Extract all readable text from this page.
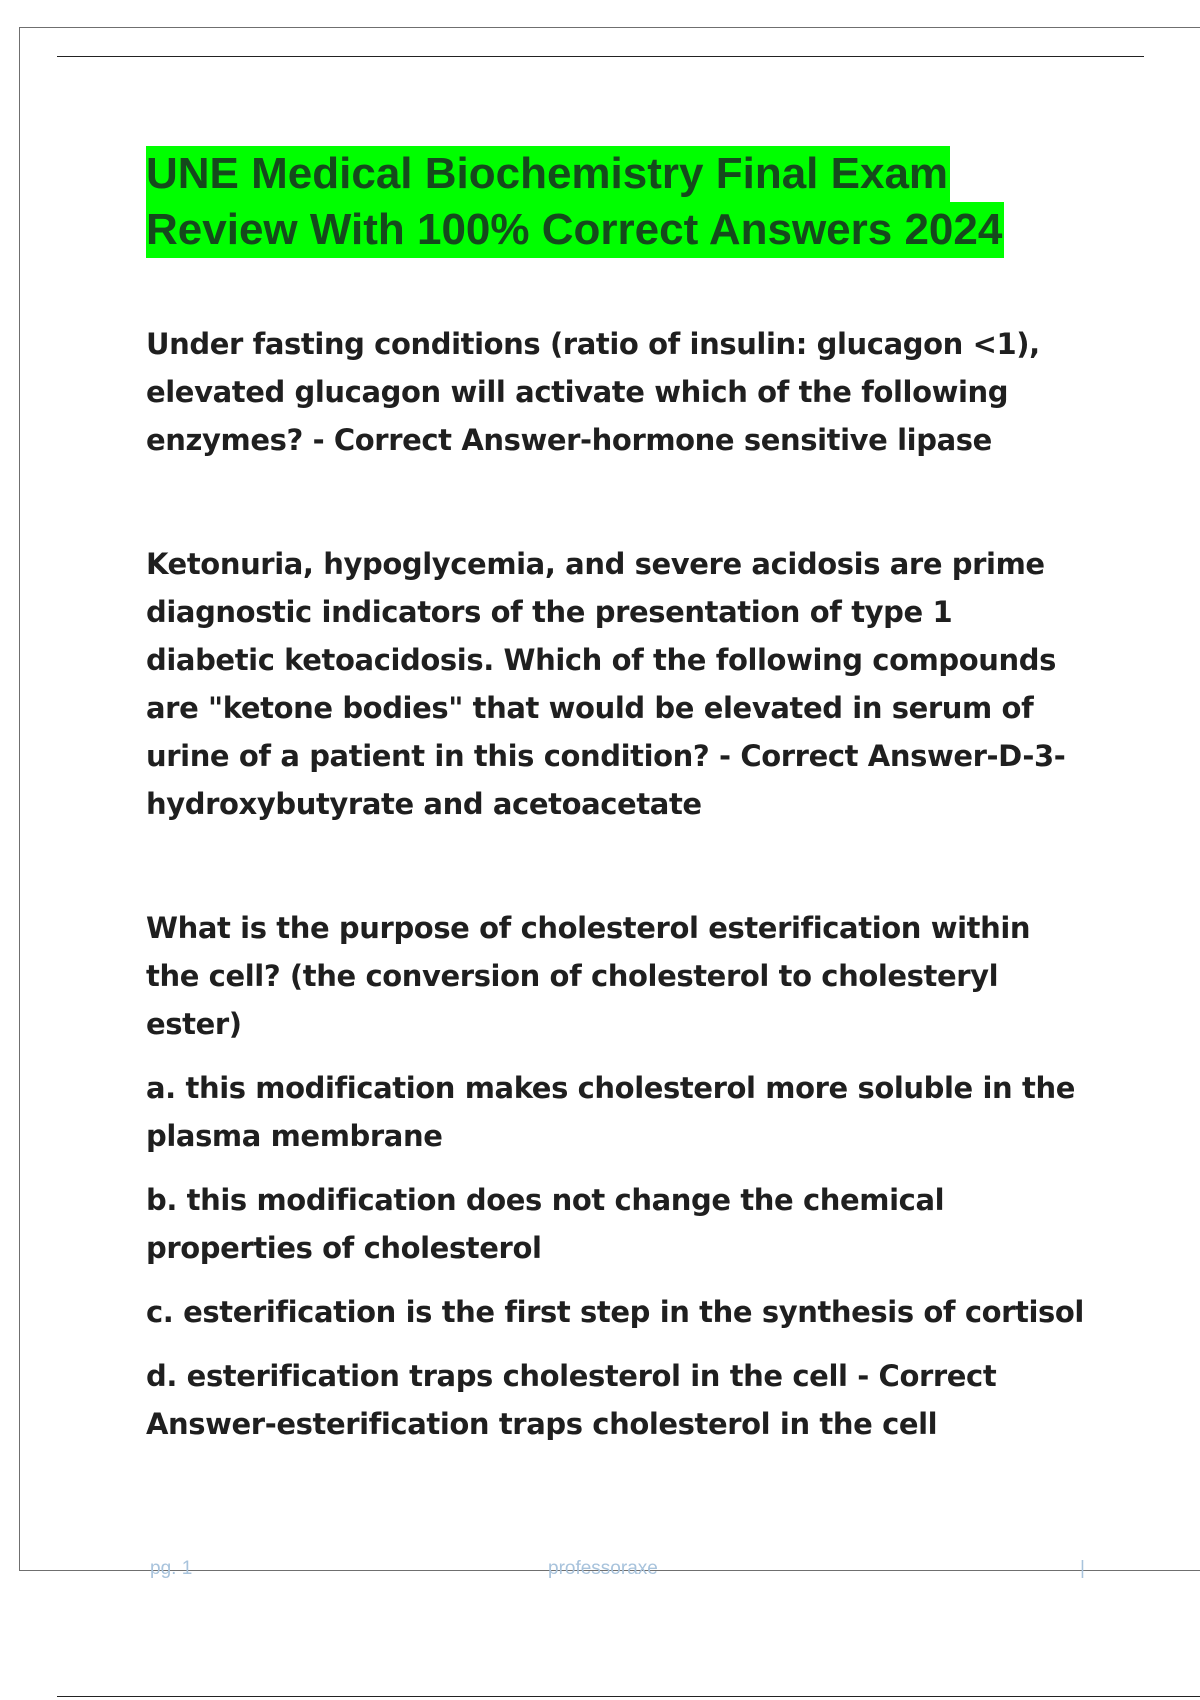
UNE Medical Biochemistry Final Exam
Review With 100% Correct Answers 2024

Under fasting conditions (ratio of insulin: glucagon <1), elevated glucagon will activate which of the following enzymes? - Correct Answer-hormone sensitive lipase

Ketonuria, hypoglycemia, and severe acidosis are prime diagnostic indicators of the presentation of type 1 diabetic ketoacidosis. Which of the following compounds are "ketone bodies" that would be elevated in serum of urine of a patient in this condition? - Correct Answer-D-3-hydroxybutyrate and acetoacetate

What is the purpose of cholesterol esterification within the cell? (the conversion of cholesterol to cholesteryl ester)

a. this modification makes cholesterol more soluble in the plasma membrane

b. this modification does not change the chemical properties of cholesterol

c. esterification is the first step in the synthesis of cortisol

d. esterification traps cholesterol in the cell - Correct Answer-esterification traps cholesterol in the cell

pg. 1	professoraxe	|
